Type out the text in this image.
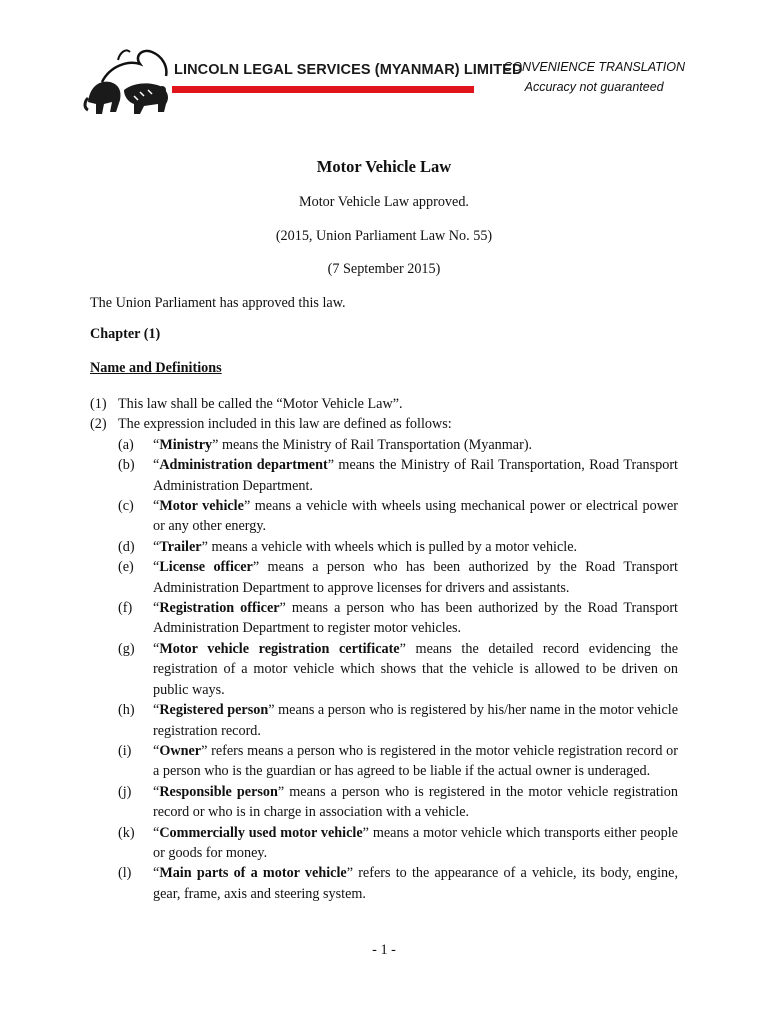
LINCOLN LEGAL SERVICES (MYANMAR) LIMITED
CONVENIENCE TRANSLATION
Accuracy not guaranteed
Motor Vehicle Law
Motor Vehicle Law approved.
(2015, Union Parliament Law No. 55)
(7 September 2015)
The Union Parliament has approved this law.
Chapter (1)
Name and Definitions
(1) This law shall be called the “Motor Vehicle Law”.
(2) The expression included in this law are defined as follows:
(a)	“Ministry” means the Ministry of Rail Transportation (Myanmar).
(b)	“Administration department” means the Ministry of Rail Transportation, Road Transport Administration Department.
(c)	“Motor vehicle” means a vehicle with wheels using mechanical power or electrical power or any other energy.
(d)	“Trailer” means a vehicle with wheels which is pulled by a motor vehicle.
(e)	“License officer” means a person who has been authorized by the Road Transport Administration Department to approve licenses for drivers and assistants.
(f)	“Registration officer” means a person who has been authorized by the Road Transport Administration Department to register motor vehicles.
(g)	“Motor vehicle registration certificate” means the detailed record evidencing the registration of a motor vehicle which shows that the vehicle is allowed to be driven on public ways.
(h)	“Registered person” means a person who is registered by his/her name in the motor vehicle registration record.
(i)	“Owner” refers means a person who is registered in the motor vehicle registration record or a person who is the guardian or has agreed to be liable if the actual owner is underaged.
(j)	“Responsible person” means a person who is registered in the motor vehicle registration record or who is in charge in association with a vehicle.
(k)	“Commercially used motor vehicle” means a motor vehicle which transports either people or goods for money.
(l)	“Main parts of a motor vehicle” refers to the appearance of a vehicle, its body, engine, gear, frame, axis and steering system.
- 1 -
